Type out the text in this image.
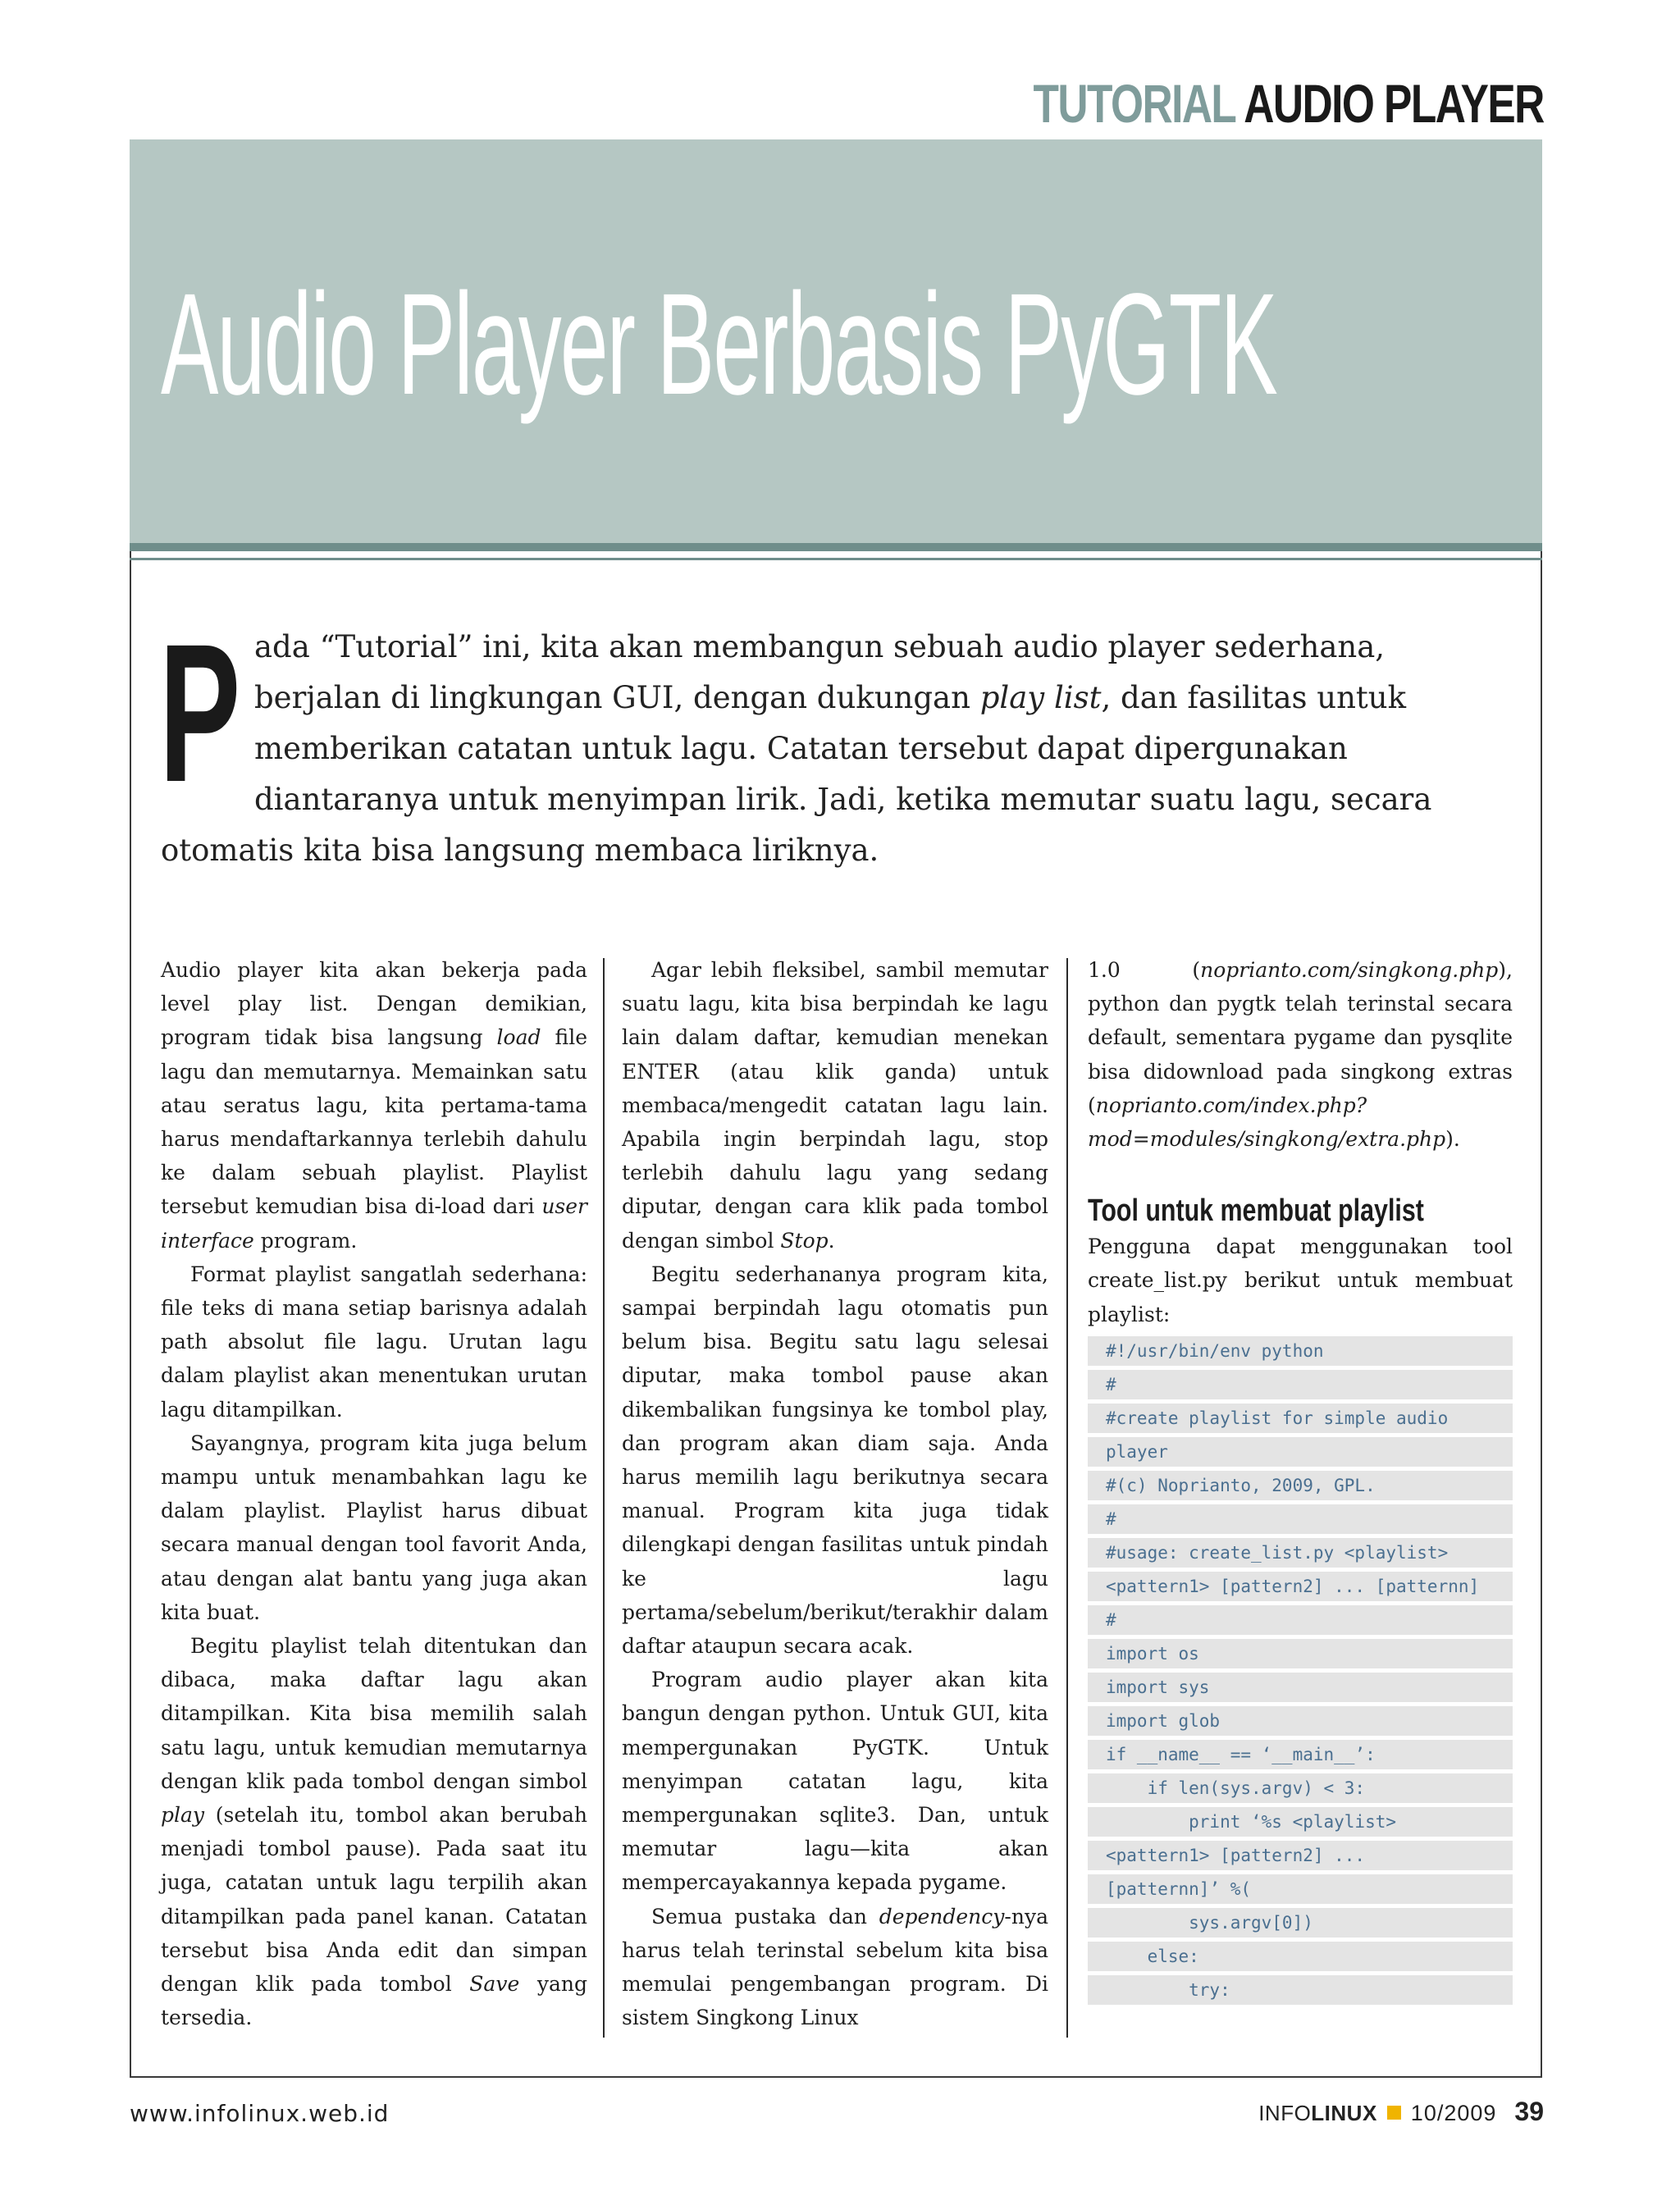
TUTORIAL AUDIO PLAYER
Audio Player Berbasis PyGTK
P ada “Tutorial” ini, kita akan membangun sebuah audio player sederhana, berjalan di lingkungan GUI, dengan dukungan play list, dan fasilitas untuk memberikan catatan untuk lagu. Catatan tersebut dapat dipergunakan diantaranya untuk menyimpan lirik. Jadi, ketika memutar suatu lagu, secara otomatis kita bisa langsung membaca liriknya.

Audio player kita akan bekerja pada level play list. Dengan demikian, program tidak bisa langsung load file lagu dan memutarnya. Memainkan satu atau seratus lagu, kita pertama-tama harus mendaftarkannya terlebih dahulu ke dalam sebuah playlist. Playlist tersebut kemudian bisa di-load dari user interface program.

Format playlist sangatlah sederhana: file teks di mana setiap barisnya adalah path absolut file lagu. Urutan lagu dalam playlist akan menentukan urutan lagu ditampilkan.

Sayangnya, program kita juga belum mampu untuk menambahkan lagu ke dalam playlist. Playlist harus dibuat secara manual dengan tool favorit Anda, atau dengan alat bantu yang juga akan kita buat.

Begitu playlist telah ditentukan dan dibaca, maka daftar lagu akan ditampilkan. Kita bisa memilih salah satu lagu, untuk kemudian memutarnya dengan klik pada tombol dengan simbol play (setelah itu, tombol akan berubah menjadi tombol pause). Pada saat itu juga, catatan untuk lagu terpilih akan ditampilkan pada panel kanan. Catatan tersebut bisa Anda edit dan simpan dengan klik pada tombol Save yang tersedia.

Agar lebih fleksibel, sambil memutar suatu lagu, kita bisa berpindah ke lagu lain dalam daftar, kemudian menekan ENTER (atau klik ganda) untuk membaca/mengedit catatan lagu lain. Apabila ingin berpindah lagu, stop terlebih dahulu lagu yang sedang diputar, dengan cara klik pada tombol dengan simbol Stop.

Begitu sederhananya program kita, sampai berpindah lagu otomatis pun belum bisa. Begitu satu lagu selesai diputar, maka tombol pause akan dikembalikan fungsinya ke tombol play, dan program akan diam saja. Anda harus memilih lagu berikutnya secara manual. Program kita juga tidak dilengkapi dengan fasilitas untuk pindah ke lagu pertama/sebelum/berikut/terakhir dalam daftar ataupun secara acak.

Program audio player akan kita bangun dengan python. Untuk GUI, kita mempergunakan PyGTK. Untuk menyimpan catatan lagu, kita mempergunakan sqlite3. Dan, untuk memutar lagu—kita akan mempercayakannya kepada pygame.

Semua pustaka dan dependency-nya harus telah terinstal sebelum kita bisa memulai pengembangan program. Di sistem Singkong Linux

1.0 (noprianto.com/singkong.php), python dan pygtk telah terinstal secara default, sementara pygame dan pysqlite bisa didownload pada singkong extras (noprianto.com/index.php?mod=modules/singkong/extra.php).

Tool untuk membuat playlist

Pengguna dapat menggunakan tool create_list.py berikut untuk membuat playlist:

#!/usr/bin/env python
#
#create playlist for simple audio
player
#(c) Noprianto, 2009, GPL.
#
#usage: create_list.py <playlist>
<pattern1> [pattern2] ... [patternn]
#
import os
import sys
import glob
if __name__ == ‘__main__’:
if len(sys.argv) < 3:
print ‘%s <playlist>
<pattern1> [pattern2] ...
[patternn]’ %(
sys.argv[0])
else:
try:
www.infolinux.web.id	INFOLINUX 10/2009 39
